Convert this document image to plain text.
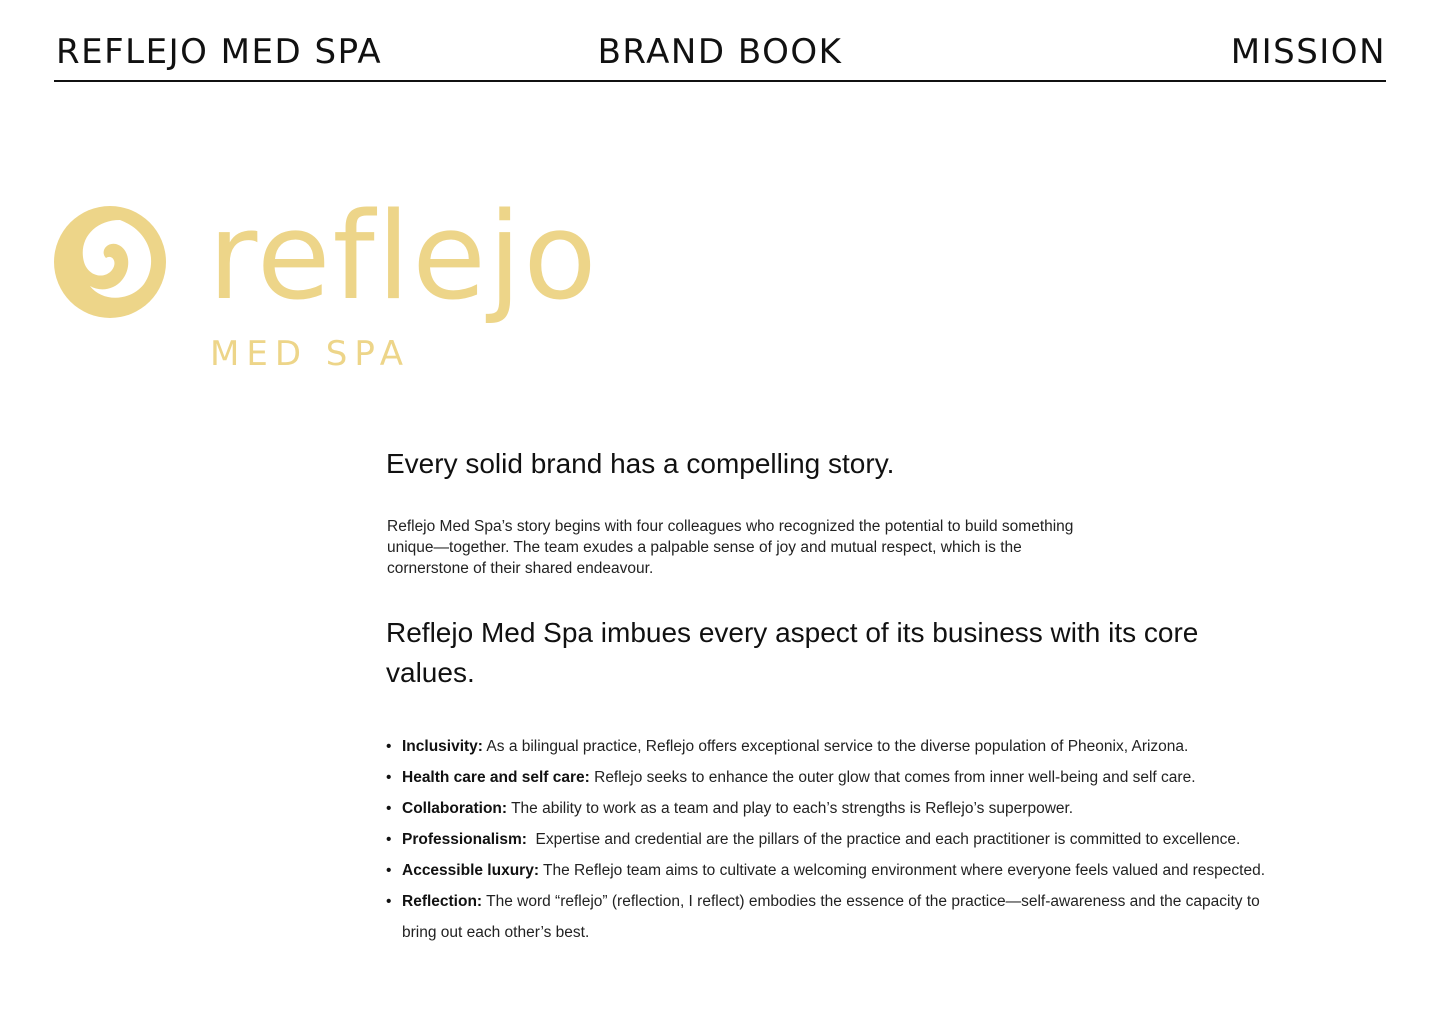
REFLEJO MED SPA	BRAND BOOK	MISSION
reflejo
MED SPA
Every solid brand has a compelling story.

Reflejo Med Spa’s story begins with four colleagues who recognized the potential to build something unique—together. The team exudes a palpable sense of joy and mutual respect, which is the cornerstone of their shared endeavour.

Reflejo Med Spa imbues every aspect of its business with its core values.
• Inclusivity: As a bilingual practice, Reflejo offers exceptional service to the diverse population of Pheonix, Arizona.
• Health care and self care: Reflejo seeks to enhance the outer glow that comes from inner well-being and self care.
• Collaboration: The ability to work as a team and play to each’s strengths is Reflejo’s superpower.
• Professionalism:  Expertise and credential are the pillars of the practice and each practitioner is committed to excellence.
• Accessible luxury: The Reflejo team aims to cultivate a welcoming environment where everyone feels valued and respected.
• Reflection: The word “reflejo” (reflection, I reflect) embodies the essence of the practice—self-awareness and the capacity to bring out each other’s best.
